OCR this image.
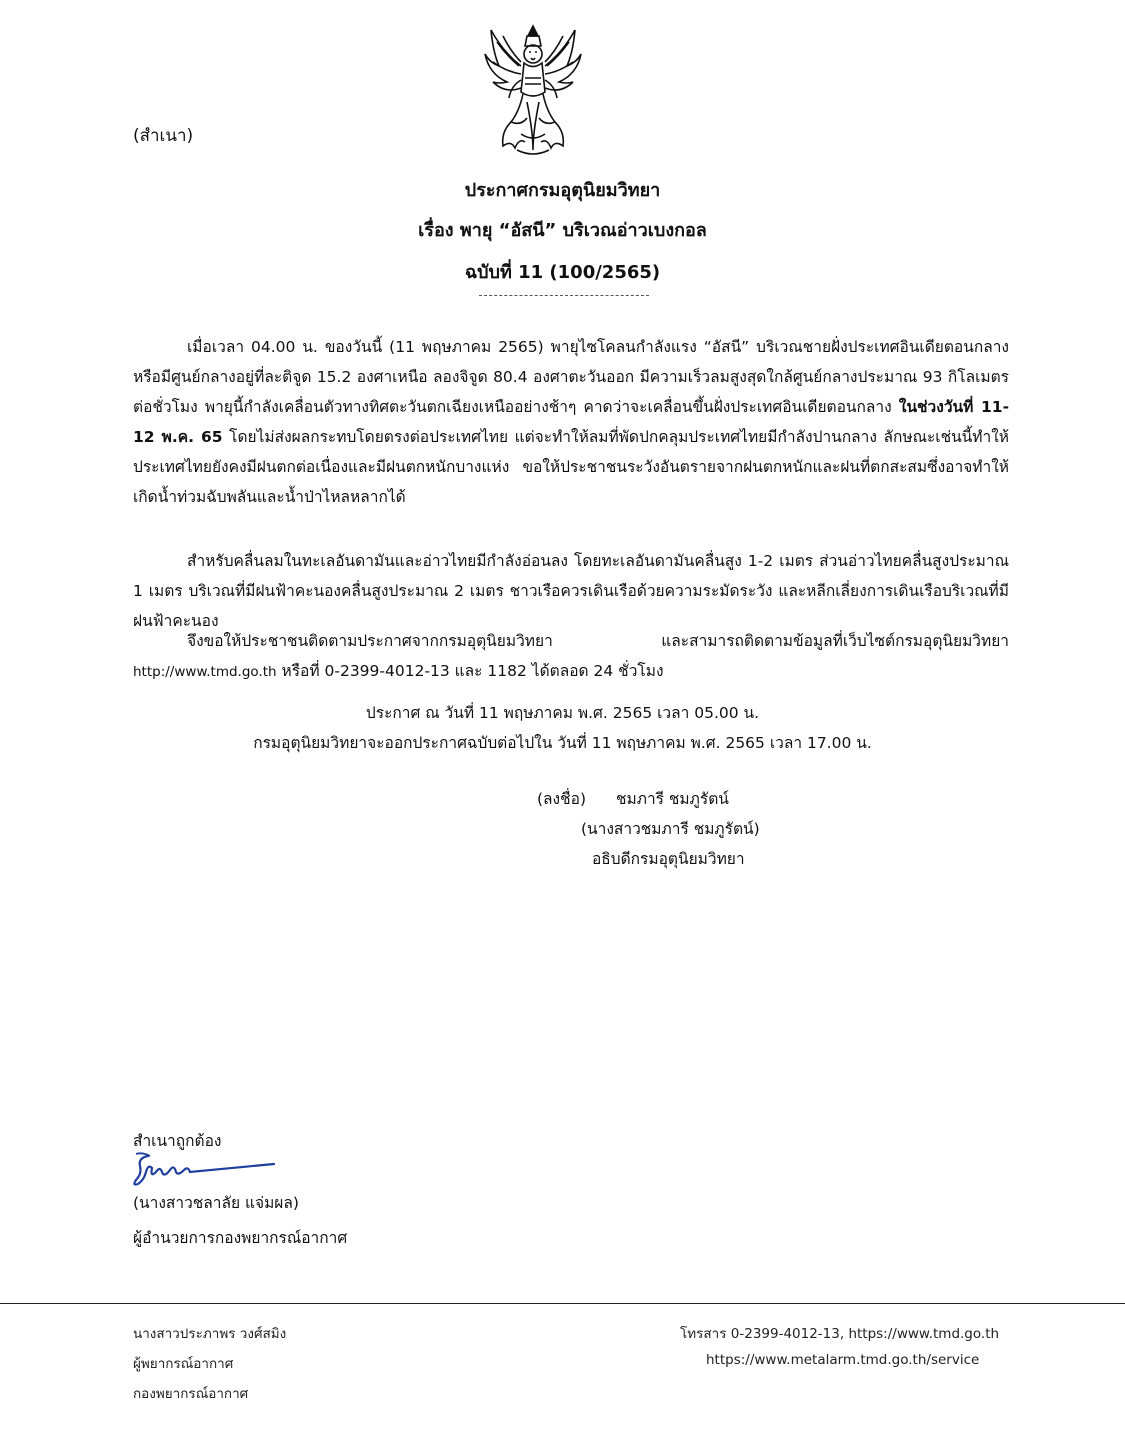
(สำเนา)
ประกาศกรมอุตุนิยมวิทยา
เรื่อง พายุ “อัสนี” บริเวณอ่าวเบงกอล
ฉบับที่ 11 (100/2565)
เมื่อเวลา 04.00 น. ของวันนี้ (11 พฤษภาคม 2565) พายุไซโคลนกำลังแรง “อัสนี” บริเวณชายฝั่งประเทศอินเดียตอนกลาง หรือมีศูนย์กลางอยู่ที่ละติจูด 15.2 องศาเหนือ ลองจิจูด 80.4 องศาตะวันออก มีความเร็วลมสูงสุดใกล้ศูนย์กลางประมาณ 93 กิโลเมตรต่อชั่วโมง พายุนี้กำลังเคลื่อนตัวทางทิศตะวันตกเฉียงเหนืออย่างช้าๆ คาดว่าจะเคลื่อนขึ้นฝั่งประเทศอินเดียตอนกลาง ในช่วงวันที่ 11-12 พ.ค. 65 โดยไม่ส่งผลกระทบโดยตรงต่อประเทศไทย แต่จะทำให้ลมที่พัดปกคลุมประเทศไทยมีกำลังปานกลาง ลักษณะเช่นนี้ทำให้ประเทศไทยยังคงมีฝนตกต่อเนื่องและมีฝนตกหนักบางแห่ง ขอให้ประชาชนระวังอันตรายจากฝนตกหนักและฝนที่ตกสะสมซึ่งอาจทำให้เกิดน้ำท่วมฉับพลันและน้ำป่าไหลหลากได้
สำหรับคลื่นลมในทะเลอันดามันและอ่าวไทยมีกำลังอ่อนลง โดยทะเลอันดามันคลื่นสูง 1-2 เมตร ส่วนอ่าวไทยคลื่นสูงประมาณ 1 เมตร บริเวณที่มีฝนฟ้าคะนองคลื่นสูงประมาณ 2 เมตร ชาวเรือควรเดินเรือด้วยความระมัดระวัง และหลีกเลี่ยงการเดินเรือบริเวณที่มีฝนฟ้าคะนอง
จึงขอให้ประชาชนติดตามประกาศจากกรมอุตุนิยมวิทยา และสามารถติดตามข้อมูลที่เว็บไซต์กรมอุตุนิยมวิทยา http://www.tmd.go.th หรือที่ 0-2399-4012-13 และ 1182 ได้ตลอด 24 ชั่วโมง
ประกาศ ณ วันที่ 11 พฤษภาคม พ.ศ. 2565 เวลา 05.00 น.
กรมอุตุนิยมวิทยาจะออกประกาศฉบับต่อไปใน วันที่ 11 พฤษภาคม พ.ศ. 2565 เวลา 17.00 น.
(ลงชื่อ) ชมภารี ชมภูรัตน์
(นางสาวชมภารี ชมภูรัตน์)
อธิบดีกรมอุตุนิยมวิทยา
สำเนาถูกต้อง
(นางสาวชลาลัย แจ่มผล)
ผู้อำนวยการกองพยากรณ์อากาศ
นางสาวประภาพร วงศ์สมิง
ผู้พยากรณ์อากาศ
กองพยากรณ์อากาศ
โทรสาร 0-2399-4012-13, https://www.tmd.go.th
https://www.metalarm.tmd.go.th/service
